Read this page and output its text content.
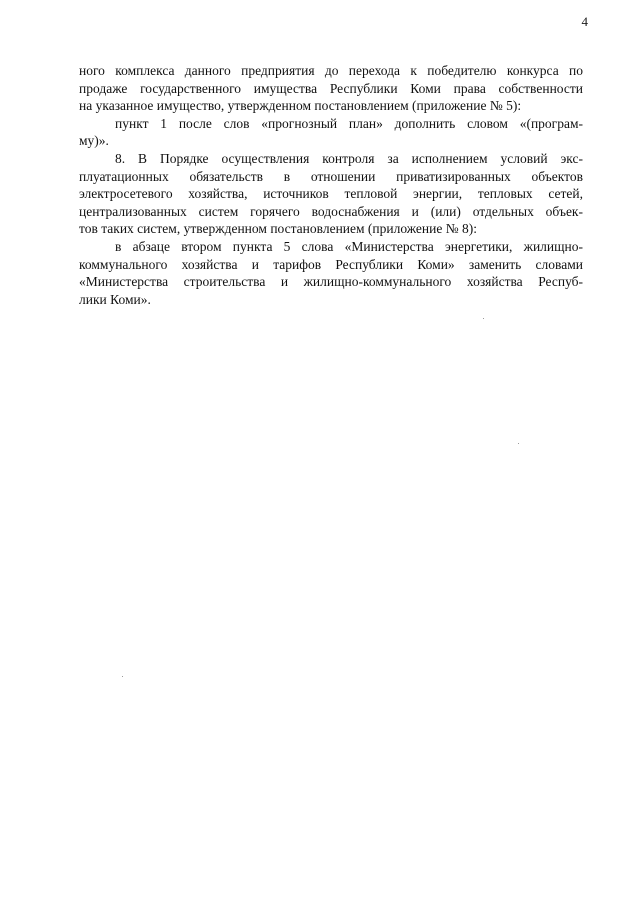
4
ного комплекса данного предприятия до перехода к победителю конкурса по
продаже государственного имущества Республики Коми права собственности
на указанное имущество, утвержденном постановлением (приложение № 5):
пункт 1 после слов «прогнозный план» дополнить словом «(програм-
му)».
8. В Порядке осуществления контроля за исполнением условий экс-
плуатационных обязательств в отношении приватизированных объектов
электросетевого хозяйства, источников тепловой энергии, тепловых сетей,
централизованных систем горячего водоснабжения и (или) отдельных объек-
тов таких систем, утвержденном постановлением (приложение № 8):
в абзаце втором пункта 5 слова «Министерства энергетики, жилищно-
коммунального хозяйства и тарифов Республики Коми» заменить словами
«Министерства строительства и жилищно-коммунального хозяйства Респуб-
лики Коми».
